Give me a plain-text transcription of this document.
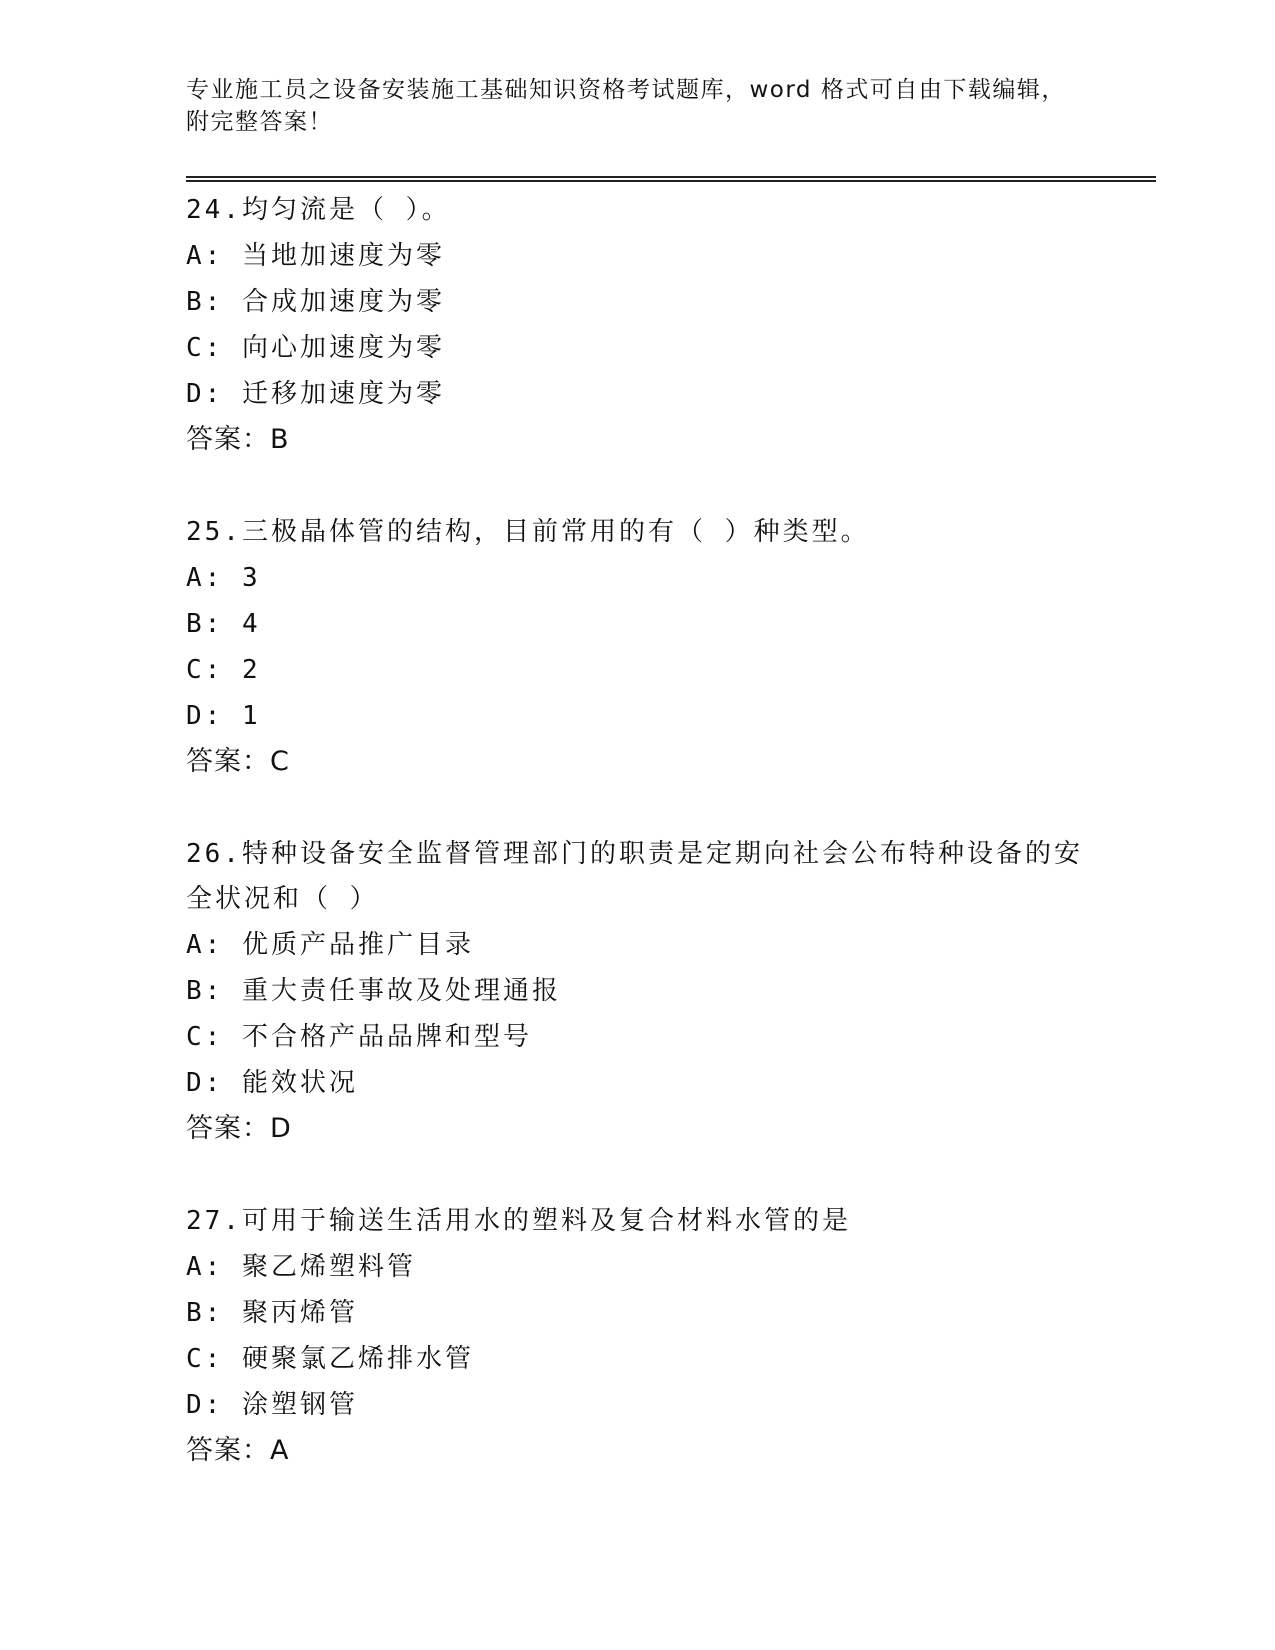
专业施工员之设备安装施工基础知识资格考试题库，word 格式可自由下载编辑，
附完整答案！

24.均匀流是（ ）。

A: 当地加速度为零

B: 合成加速度为零

C: 向心加速度为零

D: 迁移加速度为零

答案：B

25.三极晶体管的结构，目前常用的有（ ）种类型。

A: 3

B: 4

C: 2

D: 1

答案：C

26.特种设备安全监督管理部门的职责是定期向社会公布特种设备的安全状况和（ ）

A: 优质产品推广目录

B: 重大责任事故及处理通报

C: 不合格产品品牌和型号

D: 能效状况

答案：D

27.可用于输送生活用水的塑料及复合材料水管的是

A: 聚乙烯塑料管

B: 聚丙烯管

C: 硬聚氯乙烯排水管

D: 涂塑钢管

答案：A
